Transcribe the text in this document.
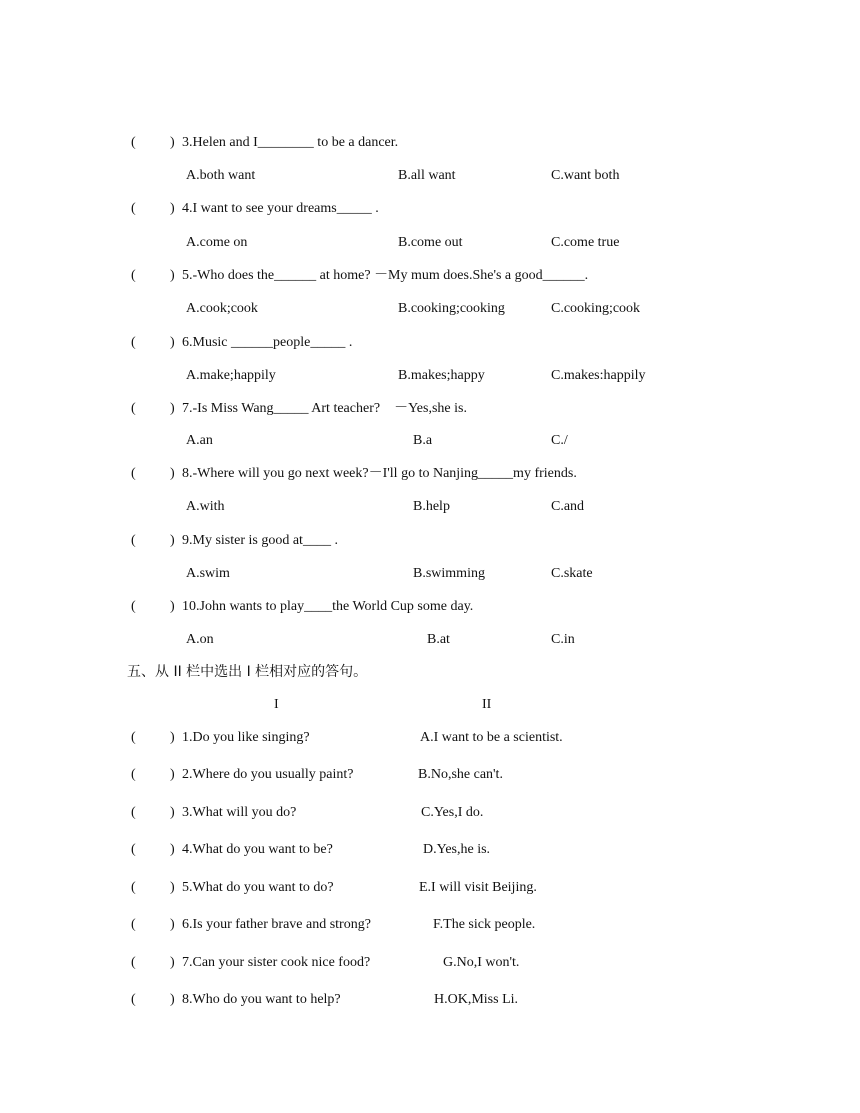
( ) 3.Helen and I________ to be a dancer.
A.both want	B.all want	C.want both
( ) 4.I want to see your dreams_____ .
A.come on	B.come out	C.come true
( ) 5.-Who does the______ at home? －My mum does.She's a good______.
A.cook;cook	B.cooking;cooking	C.cooking;cook
( ) 6.Music ______people_____ .
A.make;happily	B.makes;happy	C.makes:happily
( ) 7.-Is Miss Wang_____ Art teacher?　－Yes,she is.
A.an	B.a	C./
( ) 8.-Where will you go next week?－I'll go to Nanjing_____my friends.
A.with	B.help	C.and
( ) 9.My sister is good at____ .
A.swim	B.swimming	C.skate
( ) 10.John wants to play____the World Cup some day.
A.on	B.at	C.in
五、从 II 栏中选出 I 栏相对应的答句。
I	II
( ) 1.Do you like singing?	A.I want to be a scientist.
( ) 2.Where do you usually paint?	B.No,she can't.
( ) 3.What will you do?	C.Yes,I do.
( ) 4.What do you want to be?	D.Yes,he is.
( ) 5.What do you want to do?	E.I will visit Beijing.
( ) 6.Is your father brave and strong?	F.The sick people.
( ) 7.Can your sister cook nice food?	G.No,I won't.
( ) 8.Who do you want to help?	H.OK,Miss Li.
